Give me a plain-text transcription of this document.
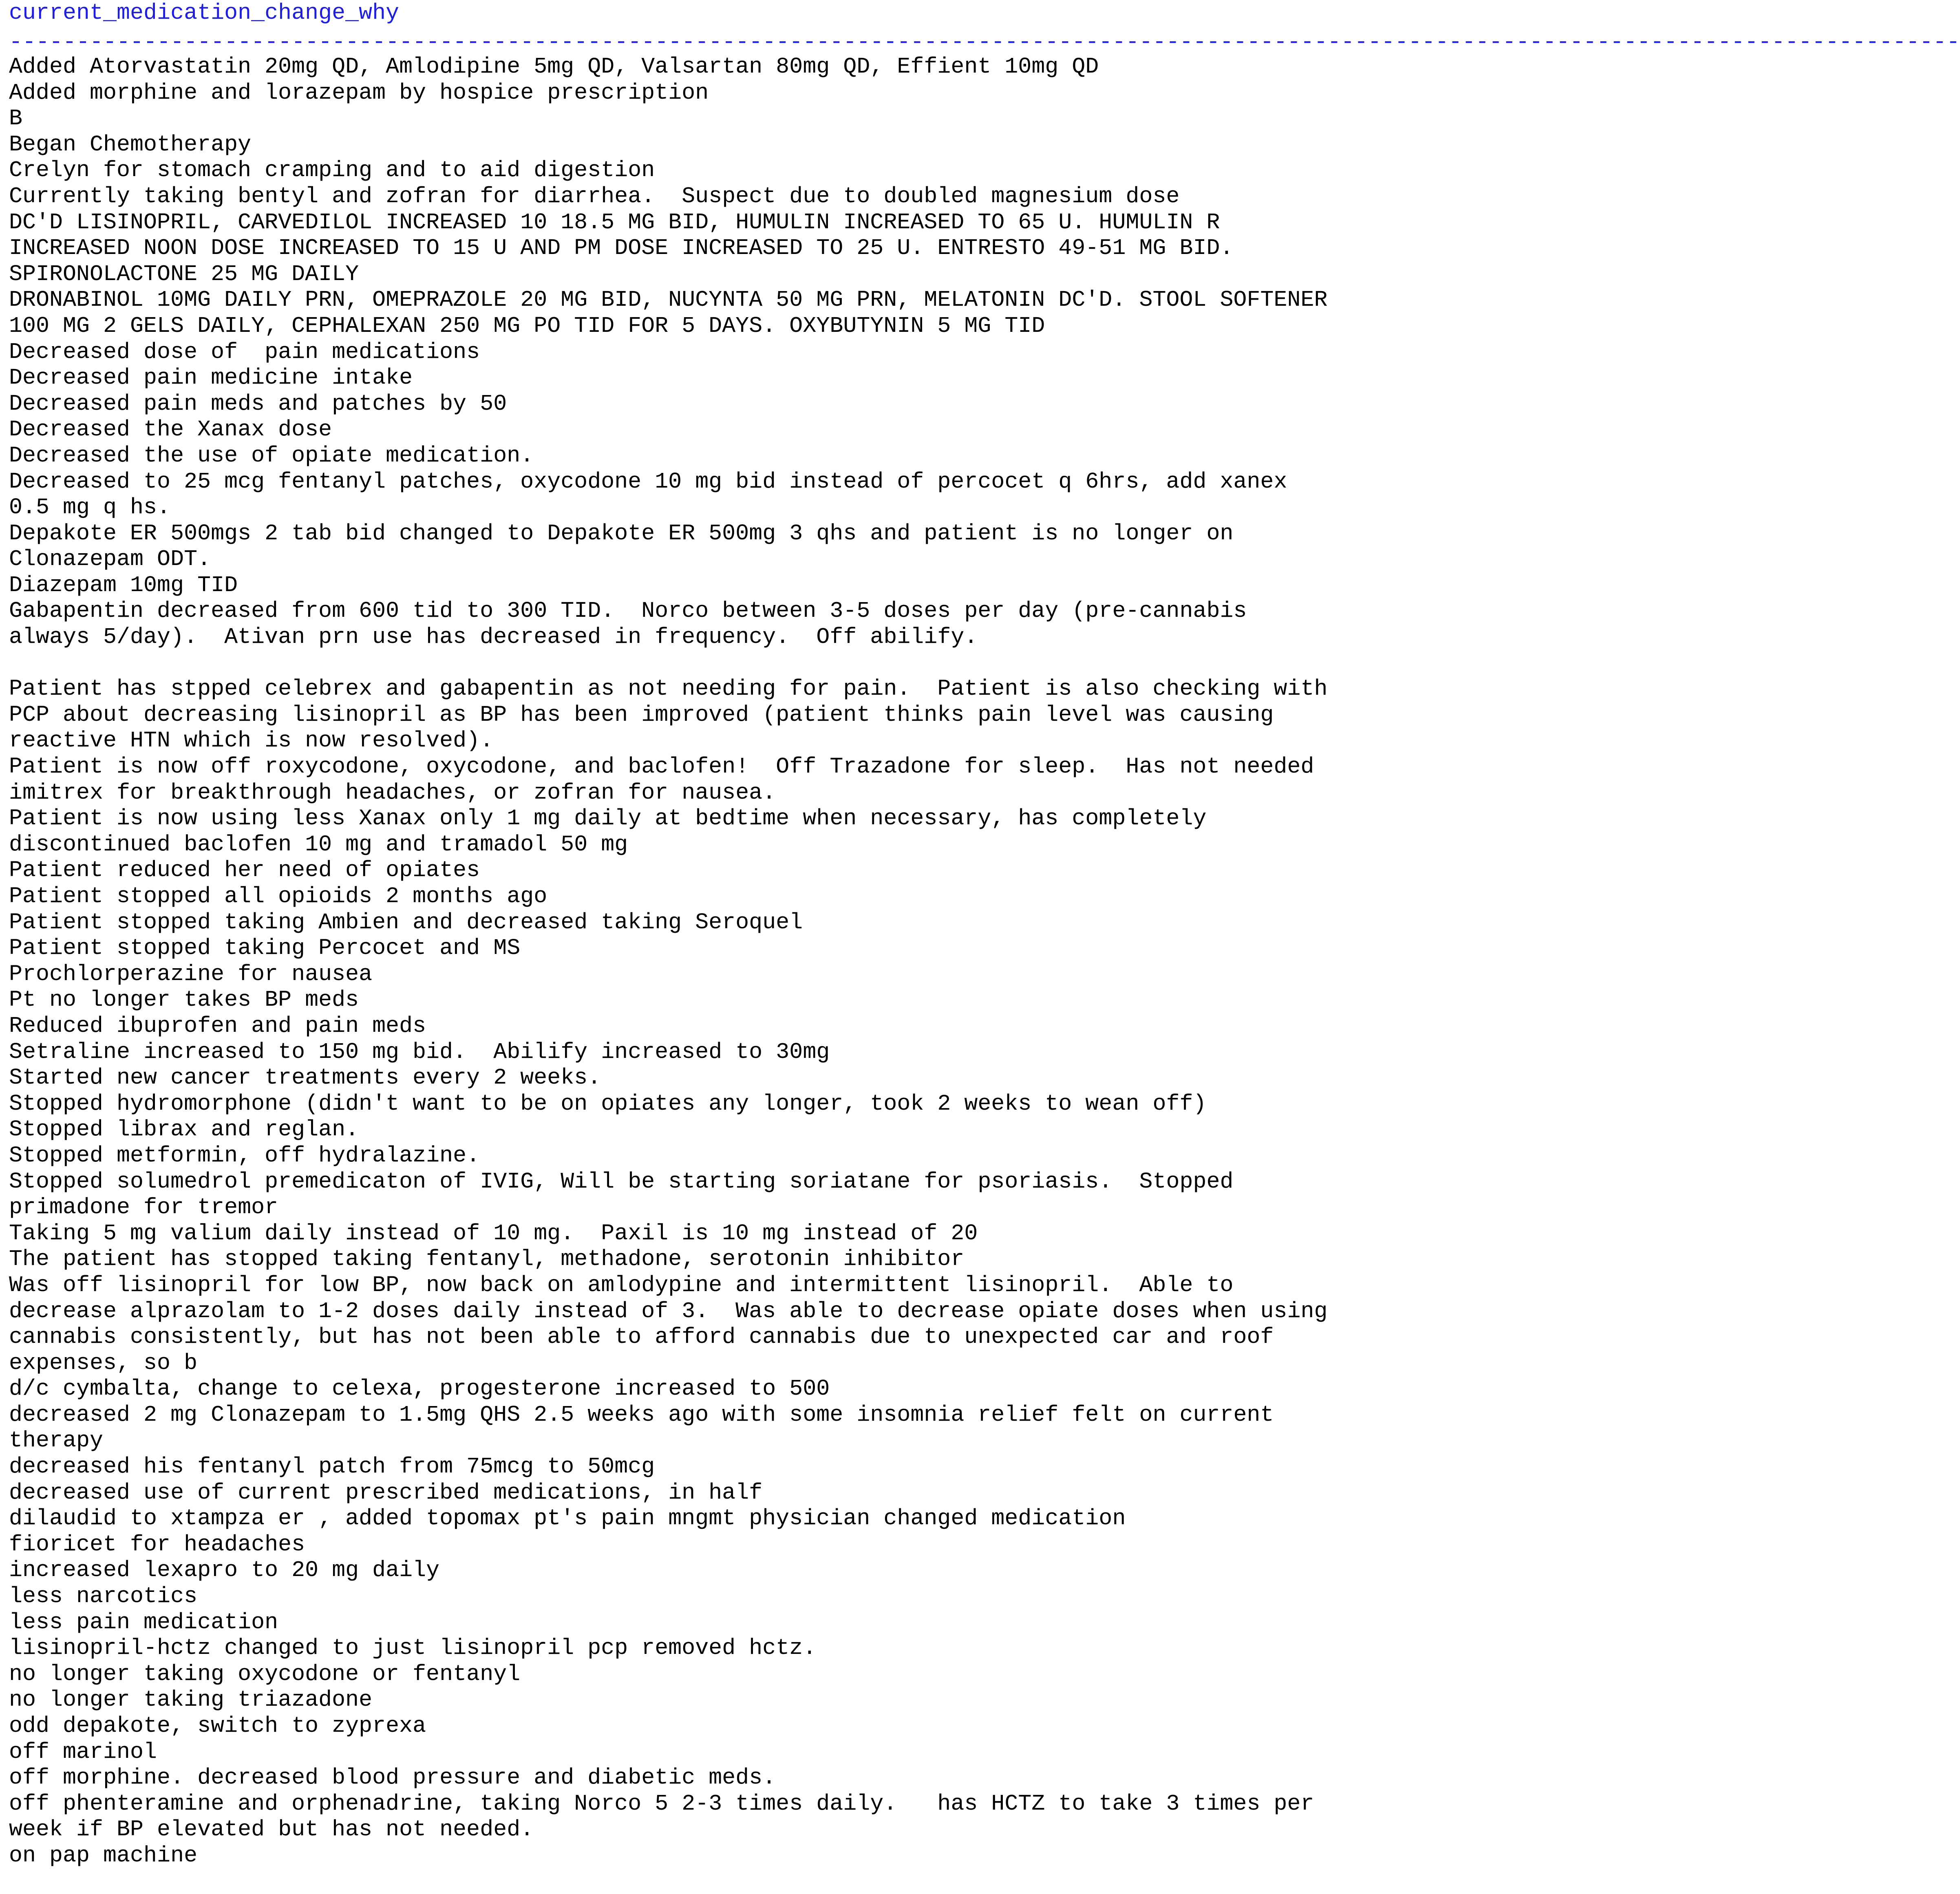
current_medication_change_why
-------------------------------------------------------------------------------------------------------------------------------------------------
Added Atorvastatin 20mg QD, Amlodipine 5mg QD, Valsartan 80mg QD, Effient 10mg QD
Added morphine and lorazepam by hospice prescription
B
Began Chemotherapy
Crelyn for stomach cramping and to aid digestion
Currently taking bentyl and zofran for diarrhea.  Suspect due to doubled magnesium dose
DC'D LISINOPRIL, CARVEDILOL INCREASED 10 18.5 MG BID, HUMULIN INCREASED TO 65 U. HUMULIN R
INCREASED NOON DOSE INCREASED TO 15 U AND PM DOSE INCREASED TO 25 U. ENTRESTO 49-51 MG BID.
SPIRONOLACTONE 25 MG DAILY
DRONABINOL 10MG DAILY PRN, OMEPRAZOLE 20 MG BID, NUCYNTA 50 MG PRN, MELATONIN DC'D. STOOL SOFTENER
100 MG 2 GELS DAILY, CEPHALEXAN 250 MG PO TID FOR 5 DAYS. OXYBUTYNIN 5 MG TID
Decreased dose of  pain medications
Decreased pain medicine intake
Decreased pain meds and patches by 50
Decreased the Xanax dose
Decreased the use of opiate medication.
Decreased to 25 mcg fentanyl patches, oxycodone 10 mg bid instead of percocet q 6hrs, add xanex
0.5 mg q hs.
Depakote ER 500mgs 2 tab bid changed to Depakote ER 500mg 3 qhs and patient is no longer on
Clonazepam ODT.
Diazepam 10mg TID
Gabapentin decreased from 600 tid to 300 TID.  Norco between 3-5 doses per day (pre-cannabis
always 5/day).  Ativan prn use has decreased in frequency.  Off abilify.
Patient has stpped celebrex and gabapentin as not needing for pain.  Patient is also checking with
PCP about decreasing lisinopril as BP has been improved (patient thinks pain level was causing
reactive HTN which is now resolved).
Patient is now off roxycodone, oxycodone, and baclofen!  Off Trazadone for sleep.  Has not needed
imitrex for breakthrough headaches, or zofran for nausea.
Patient is now using less Xanax only 1 mg daily at bedtime when necessary, has completely
discontinued baclofen 10 mg and tramadol 50 mg
Patient reduced her need of opiates
Patient stopped all opioids 2 months ago
Patient stopped taking Ambien and decreased taking Seroquel
Patient stopped taking Percocet and MS
Prochlorperazine for nausea
Pt no longer takes BP meds
Reduced ibuprofen and pain meds
Setraline increased to 150 mg bid.  Abilify increased to 30mg
Started new cancer treatments every 2 weeks.
Stopped hydromorphone (didn't want to be on opiates any longer, took 2 weeks to wean off)
Stopped librax and reglan.
Stopped metformin, off hydralazine.
Stopped solumedrol premedicaton of IVIG, Will be starting soriatane for psoriasis.  Stopped
primadone for tremor
Taking 5 mg valium daily instead of 10 mg.  Paxil is 10 mg instead of 20
The patient has stopped taking fentanyl, methadone, serotonin inhibitor
Was off lisinopril for low BP, now back on amlodypine and intermittent lisinopril.  Able to
decrease alprazolam to 1-2 doses daily instead of 3.  Was able to decrease opiate doses when using
cannabis consistently, but has not been able to afford cannabis due to unexpected car and roof
expenses, so b
d/c cymbalta, change to celexa, progesterone increased to 500
decreased 2 mg Clonazepam to 1.5mg QHS 2.5 weeks ago with some insomnia relief felt on current
therapy
decreased his fentanyl patch from 75mcg to 50mcg
decreased use of current prescribed medications, in half
dilaudid to xtampza er , added topomax pt's pain mngmt physician changed medication
fioricet for headaches
increased lexapro to 20 mg daily
less narcotics
less pain medication
lisinopril-hctz changed to just lisinopril pcp removed hctz.
no longer taking oxycodone or fentanyl
no longer taking triazadone
odd depakote, switch to zyprexa
off marinol
off morphine. decreased blood pressure and diabetic meds.
off phenteramine and orphenadrine, taking Norco 5 2-3 times daily.   has HCTZ to take 3 times per
week if BP elevated but has not needed.
on pap machine
